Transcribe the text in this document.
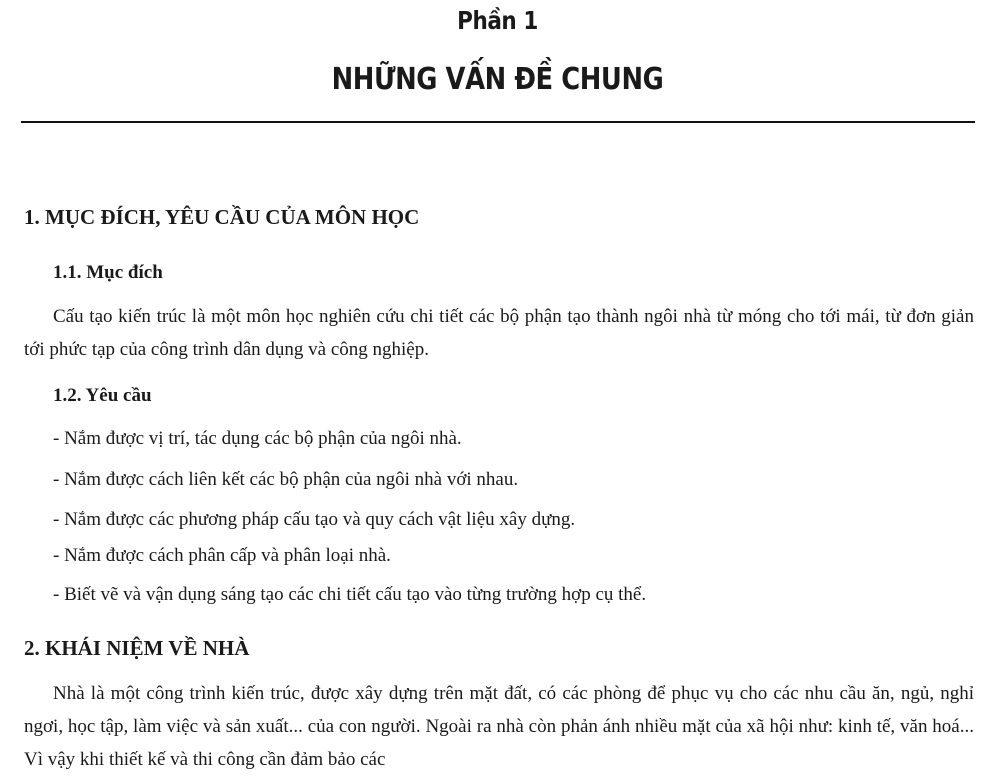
Phần 1
NHỮNG VẤN ĐỀ CHUNG
1. MỤC ĐÍCH, YÊU CẦU CỦA MÔN HỌC
1.1. Mục đích

Cấu tạo kiến trúc là một môn học nghiên cứu chi tiết các bộ phận tạo thành ngôi nhà từ móng cho tới mái, từ đơn giản tới phức tạp của công trình dân dụng và công nghiệp.

1.2. Yêu cầu
- Nắm được vị trí, tác dụng các bộ phận của ngôi nhà.
- Nắm được cách liên kết các bộ phận của ngôi nhà với nhau.
- Nắm được các phương pháp cấu tạo và quy cách vật liệu xây dựng.
- Nắm được cách phân cấp và phân loại nhà.
- Biết vẽ và vận dụng sáng tạo các chi tiết cấu tạo vào từng trường hợp cụ thể.
2. KHÁI NIỆM VỀ NHÀ

Nhà là một công trình kiến trúc, được xây dựng trên mặt đất, có các phòng để phục vụ cho các nhu cầu ăn, ngủ, nghỉ ngơi, học tập, làm việc và sản xuất... của con người. Ngoài ra nhà còn phản ánh nhiều mặt của xã hội như: kinh tế, văn hoá... Vì vậy khi thiết kế và thi công cần đảm bảo các
